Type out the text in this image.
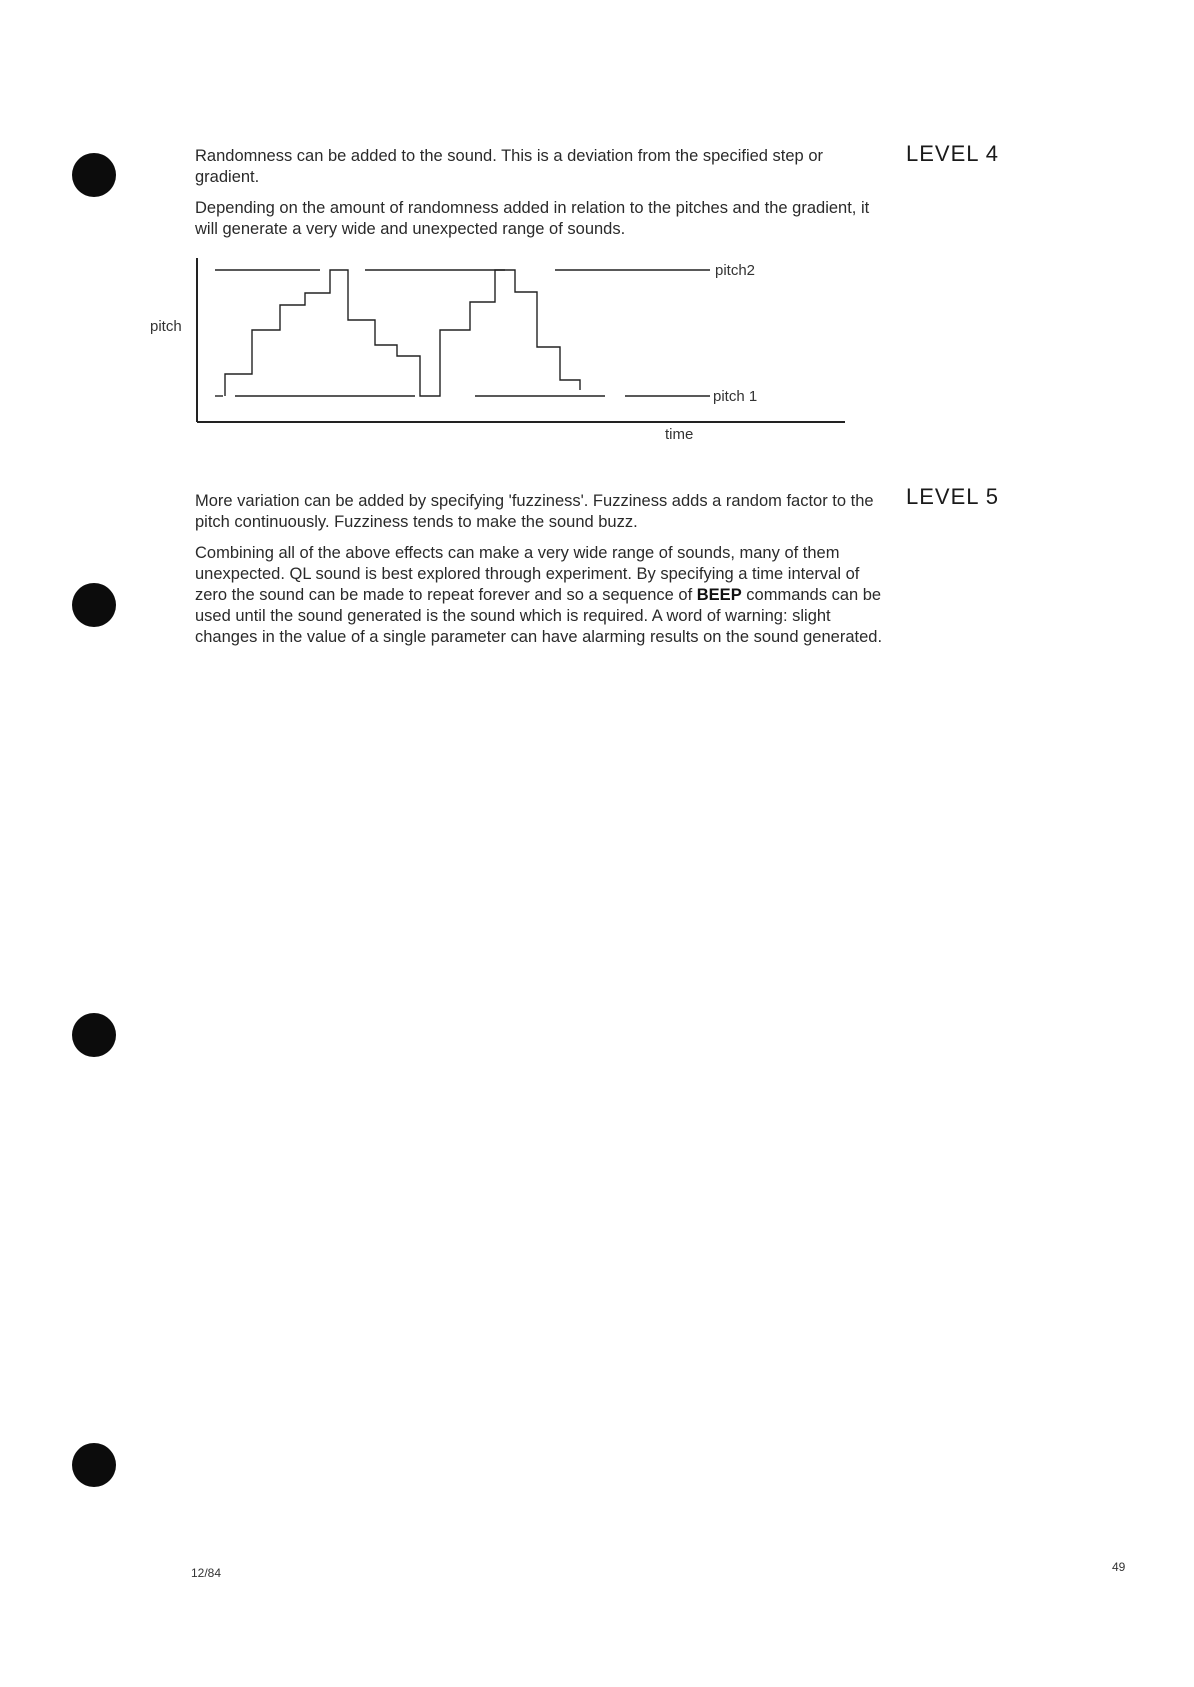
LEVEL 4

Randomness can be added to the sound. This is a deviation from the specified step or gradient.

Depending on the amount of randomness added in relation to the pitches and the gradient, it will generate a very wide and unexpected range of sounds.

pitch2
pitch 1

pitch

time

LEVEL 5

More variation can be added by specifying 'fuzziness'. Fuzziness adds a random factor to the pitch continuously. Fuzziness tends to make the sound buzz.

Combining all of the above effects can make a very wide range of sounds, many of them unexpected. QL sound is best explored through experiment. By specifying a time interval of zero the sound can be made to repeat forever and so a sequence of BEEP commands can be used until the sound generated is the sound which is required. A word of warning: slight changes in the value of a single parameter can have alarming results on the sound generated.

12/84	49
